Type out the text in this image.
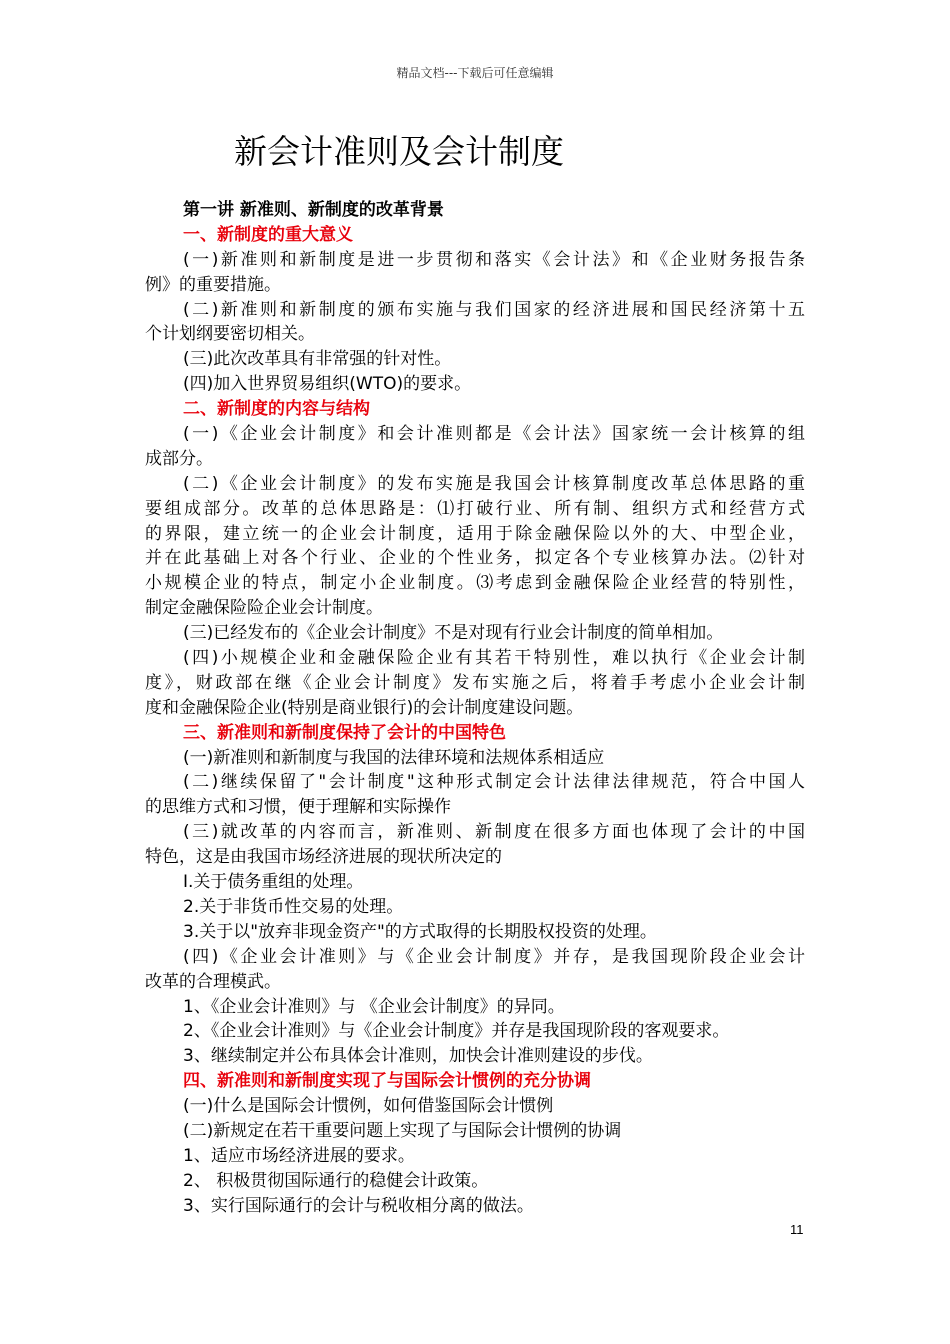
精品文档---下载后可任意编辑
新会计准则及会计制度
第一讲 新准则、新制度的改革背景
一、新制度的重大意义
(一)新准则和新制度是进一步贯彻和落实《会计法》和《企业财务报告条
例》的重要措施。
(二)新准则和新制度的颁布实施与我们国家的经济进展和国民经济第十五
个计划纲要密切相关。
(三)此次改革具有非常强的针对性。
(四)加入世界贸易组织(WTO)的要求。
二、新制度的内容与结构
(一)《企业会计制度》和会计准则都是《会计法》国家统一会计核算的组
成部分。
(二)《企业会计制度》的发布实施是我国会计核算制度改革总体思路的重
要组成部分。改革的总体思路是：⑴打破行业、所有制、组织方式和经营方式
的界限，建立统一的企业会计制度，适用于除金融保险以外的大、中型企业，
并在此基础上对各个行业、企业的个性业务，拟定各个专业核算办法。⑵针对
小规模企业的特点，制定小企业制度。⑶考虑到金融保险企业经营的特别性，
制定金融保险险企业会计制度。
(三)已经发布的《企业会计制度》不是对现有行业会计制度的简单相加。
(四)小规模企业和金融保险企业有其若干特别性，难以执行《企业会计制
度》，财政部在继《企业会计制度》发布实施之后，将着手考虑小企业会计制
度和金融保险企业(特别是商业银行)的会计制度建设问题。
三、新准则和新制度保持了会计的中国特色
(一)新准则和新制度与我国的法律环境和法规体系相适应
(二)继续保留了"会计制度"这种形式制定会计法律法律规范，符合中国人
的思维方式和习惯，便于理解和实际操作
(三)就改革的内容而言，新准则、新制度在很多方面也体现了会计的中国
特色，这是由我国市场经济进展的现状所决定的
Ⅰ.关于债务重组的处理。
2.关于非货币性交易的处理。
3.关于以"放弃非现金资产"的方式取得的长期股权投资的处理。
(四)《企业会计准则》与《企业会计制度》并存，是我国现阶段企业会计
改革的合理模武。
1、《企业会计准则》与 《企业会计制度》的异同。
2、《企业会计准则》与《企业会计制度》并存是我国现阶段的客观要求。
3、继续制定并公布具体会计准则，加快会计准则建设的步伐。
四、新准则和新制度实现了与国际会计惯例的充分协调
(一)什么是国际会计惯例，如何借鉴国际会计惯例
(二)新规定在若干重要问题上实现了与国际会计惯例的协调
1、适应市场经济进展的要求。
2、 积极贯彻国际通行的稳健会计政策。
3、实行国际通行的会计与税收相分离的做法。
11
